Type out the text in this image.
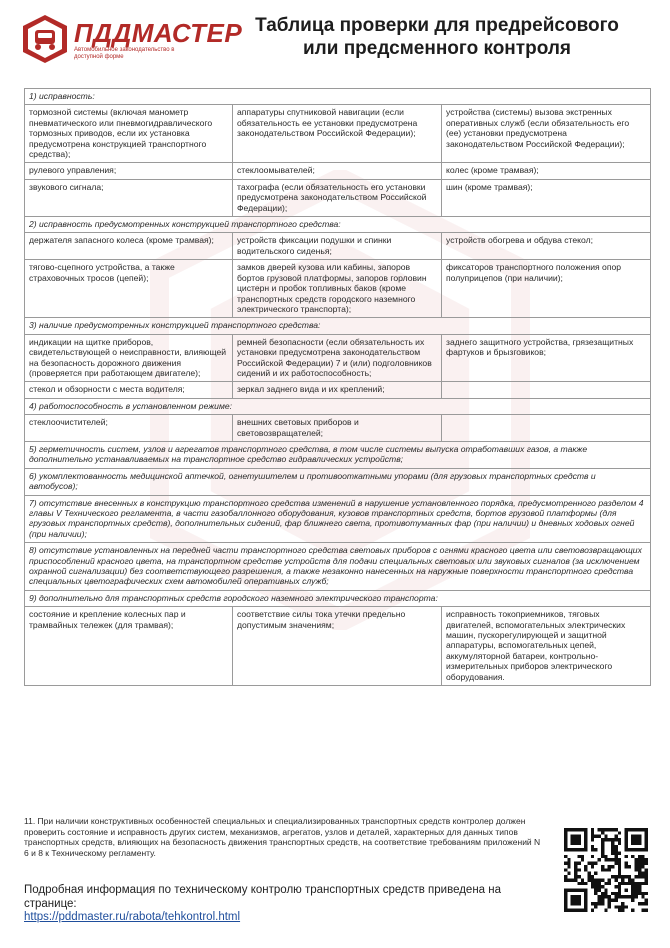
ПДДМАСТЕР
Автомобильное законодательство в доступной форме
Таблица проверки для предрейсового
или предсменного контроля
1) исправность:		
тормозной системы (включая манометр пневматического или пневмогидравлического тормозных приводов, если их установка предусмотрена конструкцией транспортного средства);	аппаратуры спутниковой навигации (если обязательность ее установки предусмотрена законодательством Российской Федерации);	устройства (системы) вызова экстренных оперативных служб (если обязательность его (ее) установки предусмотрена законодательством Российской Федерации);
рулевого управления;	стеклоомывателей;	колес (кроме трамвая);
звукового сигнала;	тахографа (если обязательность его установки предусмотрена законодательством Российской Федерации);	шин (кроме трамвая);
2) исправность предусмотренных конструкцией транспортного средства:		
держателя запасного колеса (кроме трамвая);	устройств фиксации подушки и спинки водительского сиденья;	устройств обогрева и обдува стекол;
тягово-сцепного устройства, а также страховочных тросов (цепей);	замков дверей кузова или кабины, запоров бортов грузовой платформы, запоров горловин цистерн и пробок топливных баков (кроме транспортных средств городского наземного электрического транспорта);	фиксаторов транспортного положения опор полуприцепов (при наличии);
3) наличие предусмотренных конструкцией транспортного средства:		
индикации на щитке приборов, свидетельствующей о неисправности, влияющей на безопасность дорожного движения (проверяется при работающем двигателе);	ремней безопасности (если обязательность их установки предусмотрена законодательством Российской Федерации) 7 и (или) подголовников сидений и их работоспособность;	заднего защитного устройства, грязезащитных фартуков и брызговиков;
стекол и обзорности с места водителя;	зеркал заднего вида и их креплений;	
4) работоспособность в установленном режиме:		
стеклоочистителей;	внешних световых приборов и световозвращателей;	
5) герметичность систем, узлов и агрегатов транспортного средства, в том числе системы выпуска отработавших газов, а также дополнительно устанавливаемых на транспортное средство гидравлических устройств;		
6) укомплектованность медицинской аптечкой, огнетушителем и противооткатными упорами (для грузовых транспортных средств и автобусов);		
7) отсутствие внесенных в конструкцию транспортного средства изменений в нарушение установленного порядка, предусмотренного разделом 4 главы V Технического регламента, в части газобаллонного оборудования, кузовов транспортных средств, бортов грузовой платформы (для грузовых транспортных средств), дополнительных сидений, фар ближнего света, противотуманных фар (при наличии) и дневных ходовых огней (при наличии);		
8) отсутствие установленных на передней части транспортного средства световых приборов с огнями красного цвета или световозвращающих приспособлений красного цвета, на транспортном средстве устройств для подачи специальных световых или звуковых сигналов (за исключением охранной сигнализации) без соответствующего разрешения, а также незаконно нанесенных на наружные поверхности транспортного средства специальных цветографических схем автомобилей оперативных служб;		
9) дополнительно для транспортных средств городского наземного электрического транспорта:		
состояние и крепление колесных пар и трамвайных тележек (для трамвая);	соответствие силы тока утечки предельно допустимым значениям;	исправность токоприемников, тяговых двигателей, вспомогательных электрических машин, пускорегулирующей и защитной аппаратуры, вспомогательных цепей, аккумуляторной батареи, контрольно-измерительных приборов электрического оборудования.
11. При наличии конструктивных особенностей специальных и специализированных транспортных средств контролер должен проверить состояние и исправность других систем, механизмов, агрегатов, узлов и деталей, характерных для данных типов транспортных средств, влияющих на безопасность движения транспортных средств, на соответствие требованиям приложений N 6 и 8 к Техническому регламенту.
Подробная информация по техническому контролю транспортных средств приведена на странице:
https://pddmaster.ru/rabota/tehkontrol.html
